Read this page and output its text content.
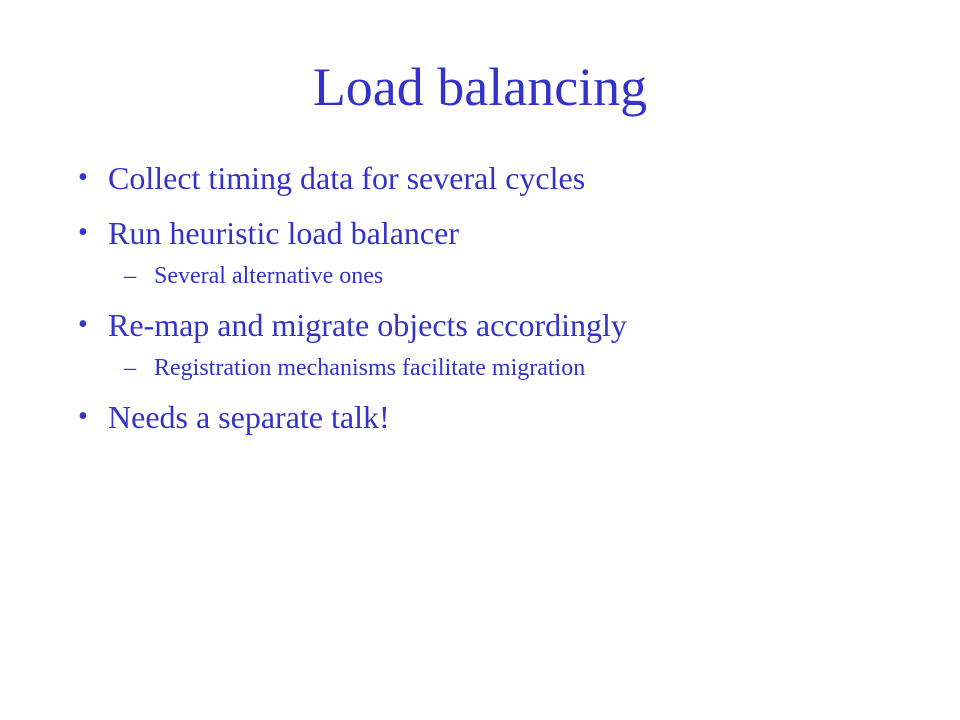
Load balancing
• Collect timing data for several cycles
• Run heuristic load balancer
– Several alternative ones
• Re-map and migrate objects accordingly
– Registration mechanisms facilitate migration
• Needs a separate talk!
